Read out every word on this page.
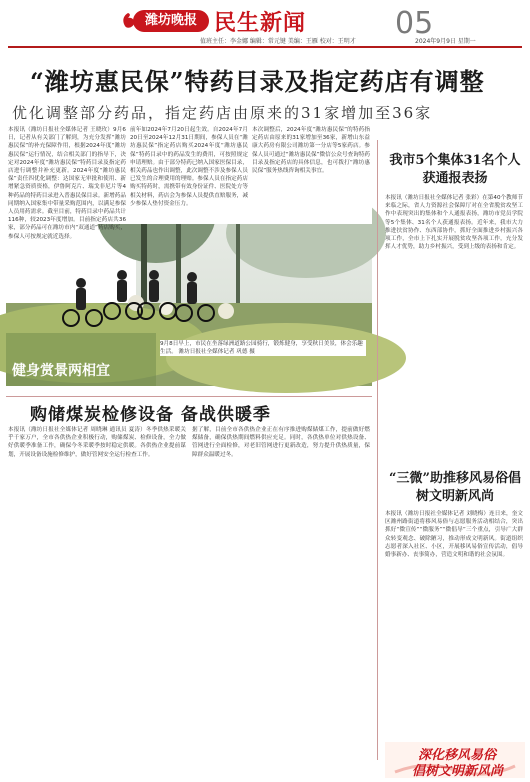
潍坊晚报 民生新闻	05
值班主任：李金娜 编辑：常元键 美编：王雁 校对：王明才	2024年9月9日 星期一
“潍坊惠民保”特药目录及指定药店有调整
优化调整部分药品，指定药店由原来的31家增加至36家
健身赏景两相宜
9月8日早上，市民在坐落绿洲道路公园骑行，锻炼健身，享受秋日美景，体会乐趣生活。 潍坊日报社全媒体记者 巩德 摄
本报讯（潍坊日报社全媒体记者 王晓玫）9月6日，记者从有关部门了解到，为充分发挥“潍坊惠民保”的补充保障作用，根据2024年度“潍坊惠民保”运行情况，结合相关部门的指导下，决定对2024年度“潍坊惠民保”特药目录及指定药店进行调整并补充更新。2024年度“潍坊惠民保”责任四优化调整：达国家无审批和使用、新增紧急资质资格，伊鲁阿克片、瑞戈非尼片等4种药品的特药目录进入普惠民保目录。新增药品同期纳入国家集中带量采购范围内，以满足参保人员用药需求。截至目前，特药目录中药品共计116种，较2023年度增加。目前指定药店共36家，部分药品可在潍坊市内“双通道”药店购买，参保人可按规定就近选择。
前年如2024年7月20日起生效。自2024年7月20日至2024年12月31日期间，参保人员在“潍坊惠民保”指定药店购买2024年度“潍坊惠民保”特药目录中的药品发生的费用，可按照规定申请理赔。由于部分特药已纳入国家医保目录，相关药品也作出调整，此次调整不涉及参保人员已发生的合理费用的理赔。参保人员在指定药店购买特药时，需携带有效身份证件、医院处方等相关材料，药店会为参保人员提供直赔服务，减少参保人垫付资金压力。
本次调整后，2024年度“潍坊惠民保”的特药指定药店由原来的31家增加至36家，新增山东益康大药房有限公司潍坊第一分店等5家药店。参保人员可通过“潍坊惠民保”微信公众号查询特药目录及指定药店的具体信息，也可拨打“潍坊惠民保”服务热线咨询相关事宜。
我市5个集体31名个人获通报表扬
本报讯（潍坊日报社全媒体记者 张彩）在第40个教师节来临之际，省人力资源社会保障厅对在全省脱贫攻坚工作中表现突出的集体和个人通报表扬，潍坊市党员学院等5个集体、31名个人获通报表扬。近年来，我市大力推进扶贫协作、东西部协作，抓好全面推进乡村振兴各项工作，全市上下扎实开展脱贫攻坚各项工作，充分发挥人才优势，助力乡村振兴，受到上级的表扬和肯定。
“三微”助推移风易俗倡树文明新风尚
本报讯（潍坊日报社全媒体记者 刘晓梅）连日来，奎文区潍州路街道将移风易俗与志愿服务活动相结合，突出抓好“微宣传”“微服务”“微倡导”三个重点，引导广大群众转变观念、破除陋习，推动形成文明新风。街道组织志愿者深入社区、小区，开展移风易俗宣传活动，倡导婚事新办、丧事简办，营造文明和谐的社会氛围。
购储煤炭检修设备 备战供暖季
本报讯（潍坊日报社全媒体记者 周晓琳 通讯员 夏涛）冬季供热采暖关乎千家万户，全市各供热企业积极行动，购储煤炭、检修设备，全力做好供暖季准备工作，确保今冬采暖季按时稳定供暖。各供热企业提前谋划，开展设备设施检修维护，做好管网安全运行检查工作。
据了解，目前全市各供热企业正在有序推进购煤储煤工作，提前做好燃煤储备，确保供热期间燃料供应充足。同时，各供热单位对供热设备、管网进行全面检修，对老旧管网进行更新改造，努力提升供热质量，保障群众温暖过冬。
深化移风易俗
倡树文明新风尚
